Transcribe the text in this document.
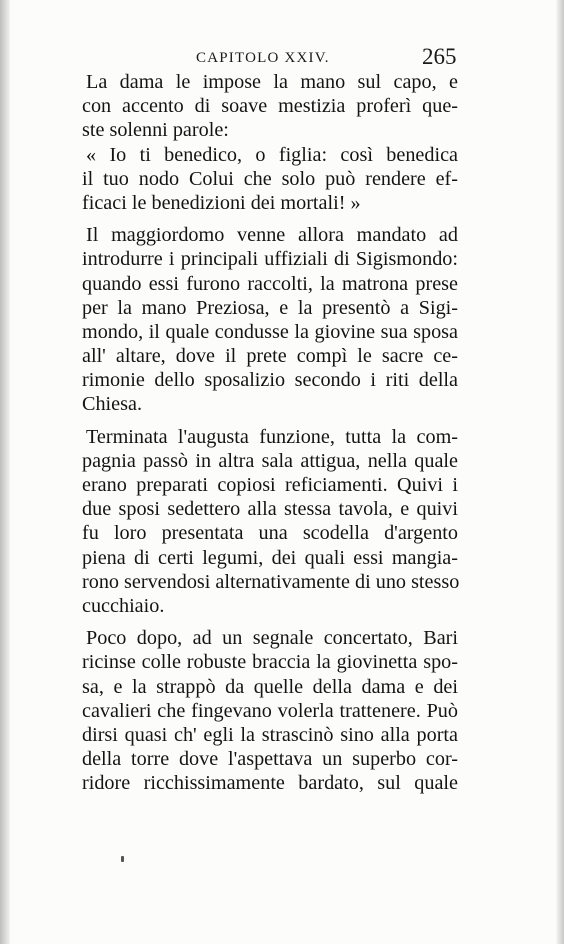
CAPITOLO XXIV.	265
La dama le impose la mano sul capo, e
con accento di soave mestizia proferì que-
ste solenni parole:
« Io ti benedico, o figlia: così benedica
il tuo nodo Colui che solo può rendere ef-
ficaci le benedizioni dei mortali! »
Il maggiordomo venne allora mandato ad
introdurre i principali uffiziali di Sigismondo:
quando essi furono raccolti, la matrona prese
per la mano Preziosa, e la presentò a Sigi-
mondo, il quale condusse la giovine sua sposa
all' altare, dove il prete compì le sacre ce-
rimonie dello sposalizio secondo i riti della
Chiesa.
Terminata l'augusta funzione, tutta la com-
pagnia passò in altra sala attigua, nella quale
erano preparati copiosi reficiamenti. Quivi i
due sposi sedettero alla stessa tavola, e quivi
fu loro presentata una scodella d'argento
piena di certi legumi, dei quali essi mangia-
rono servendosi alternativamente di uno stesso
cucchiaio.
Poco dopo, ad un segnale concertato, Bari
ricinse colle robuste braccia la giovinetta spo-
sa, e la strappò da quelle della dama e dei
cavalieri che fingevano volerla trattenere. Può
dirsi quasi ch' egli la strascinò sino alla porta
della torre dove l'aspettava un superbo cor-
ridore ricchissimamente bardato, sul quale
